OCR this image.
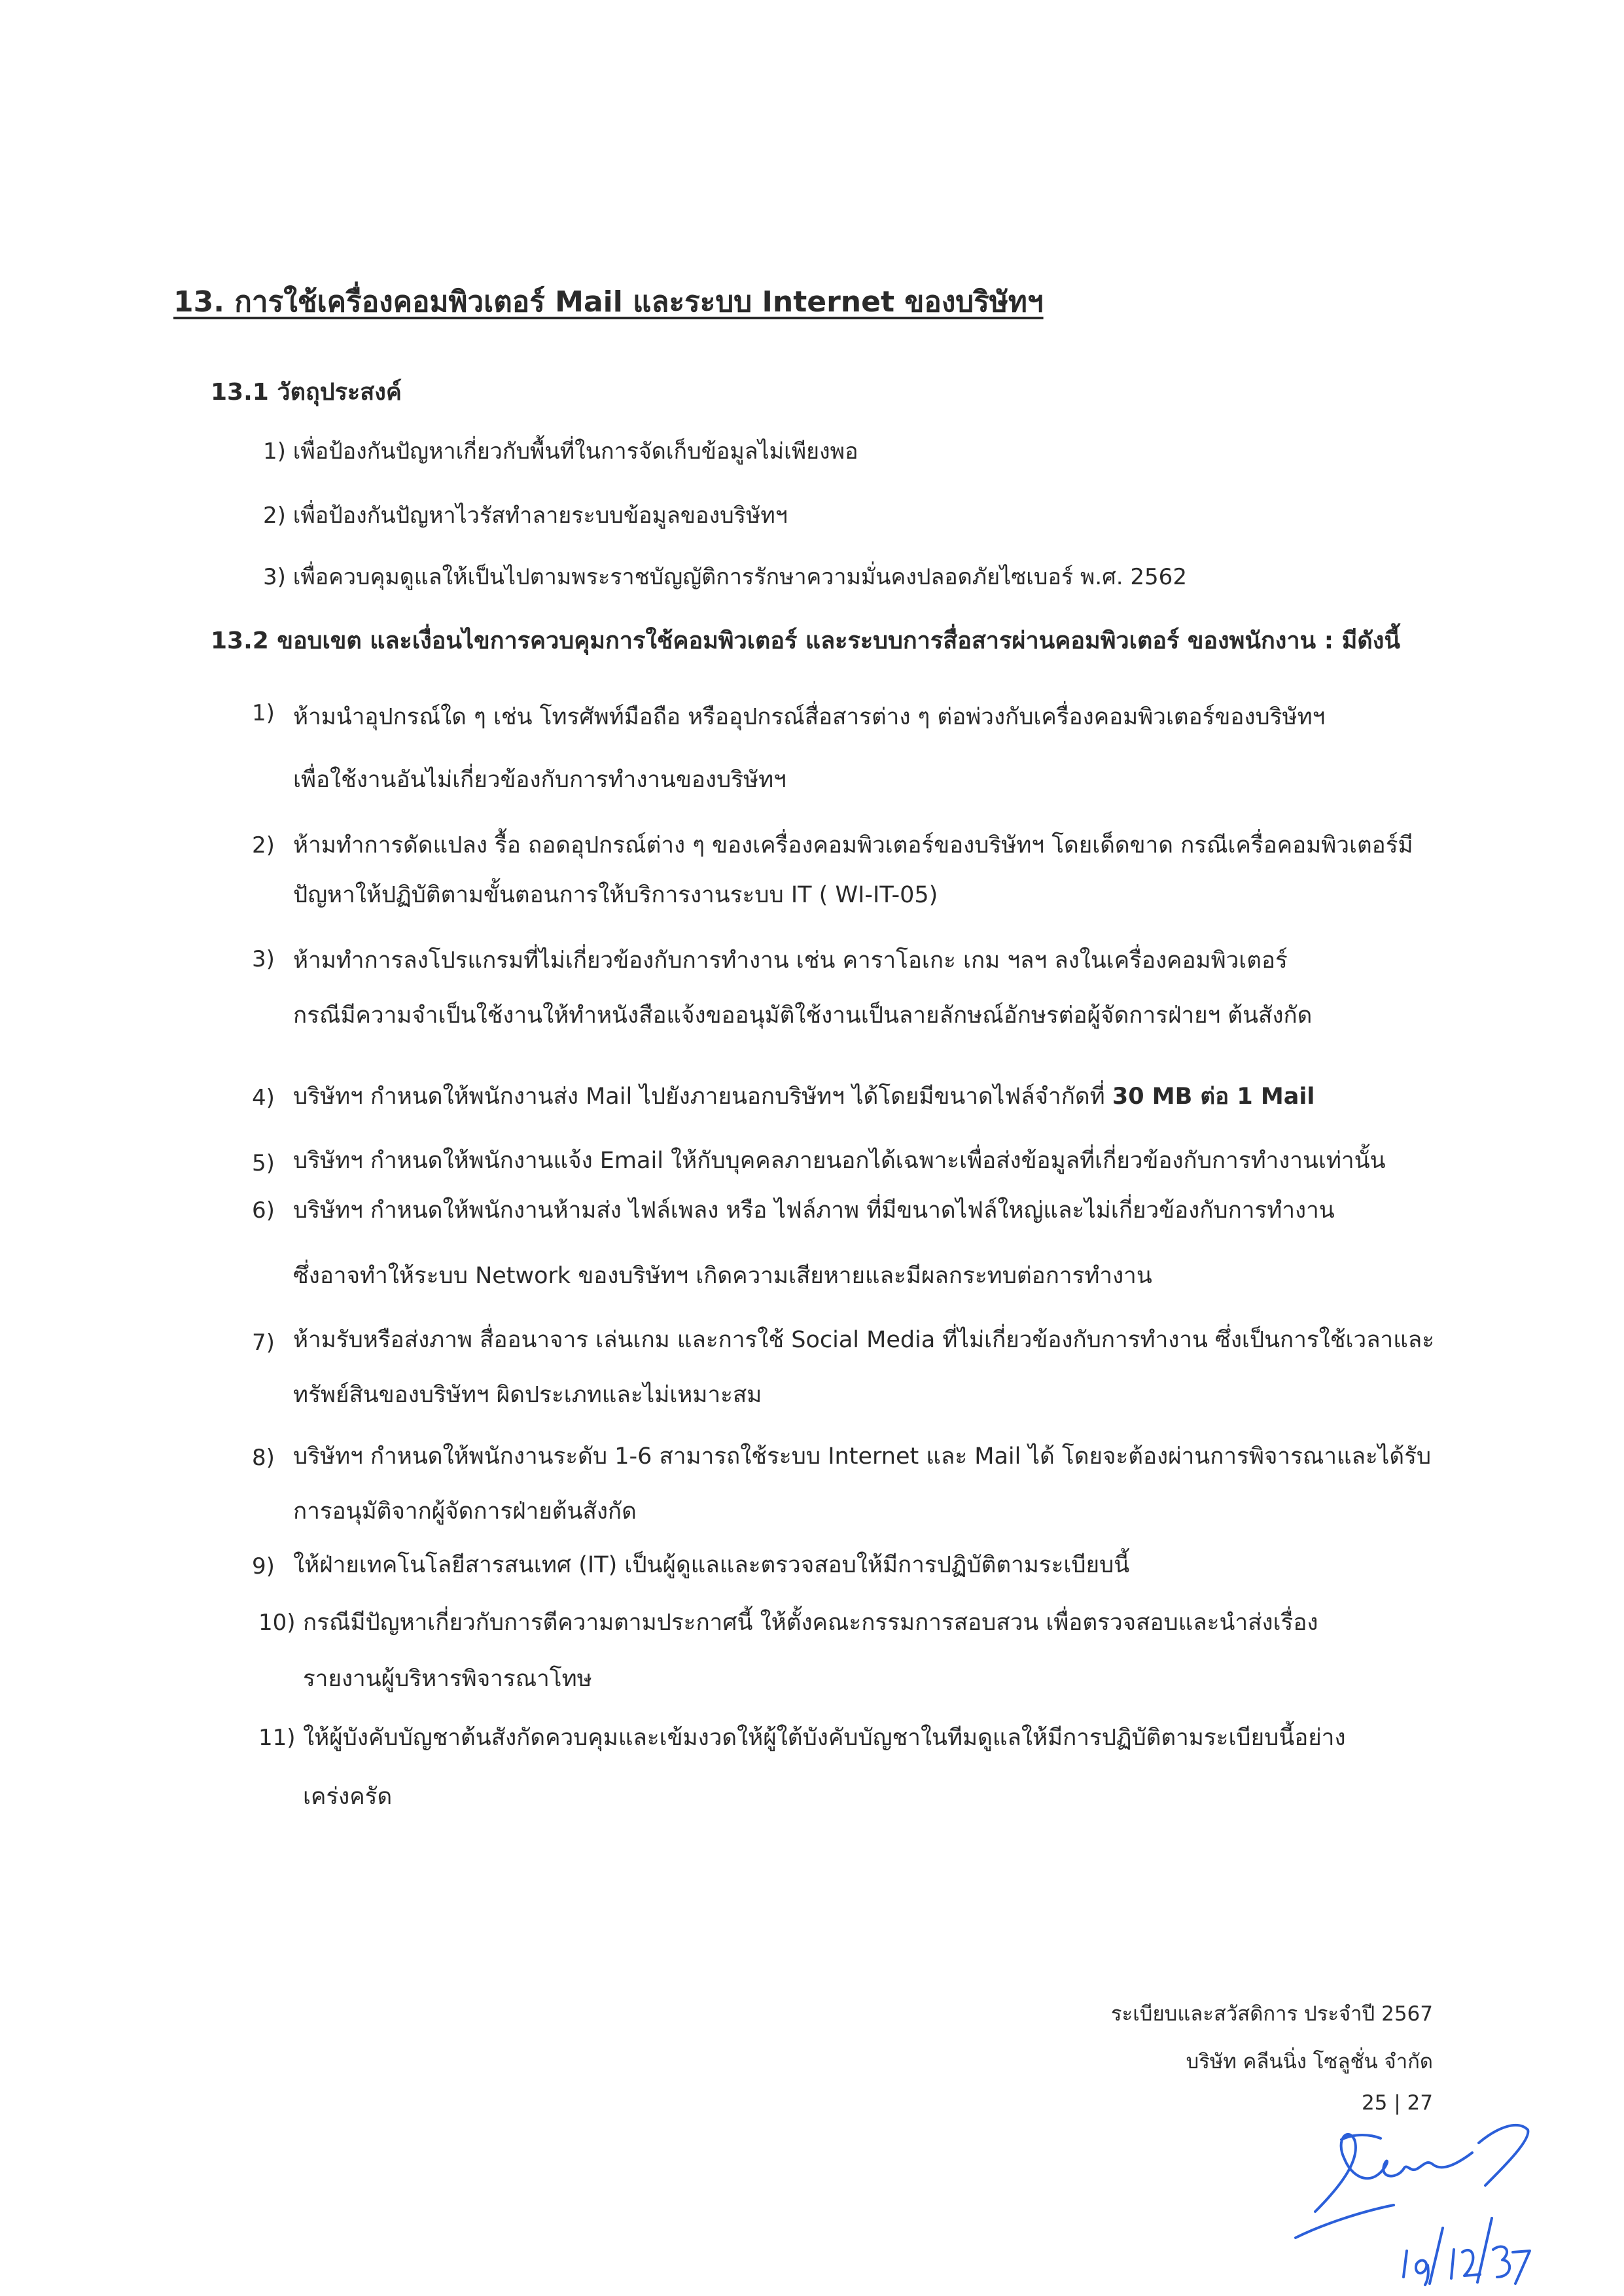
13. การใช้เครื่องคอมพิวเตอร์ Mail และระบบ Internet ของบริษัทฯ

13.1 วัตถุประสงค์

1) เพื่อป้องกันปัญหาเกี่ยวกับพื้นที่ในการจัดเก็บข้อมูลไม่เพียงพอ

2) เพื่อป้องกันปัญหาไวรัสทำลายระบบข้อมูลของบริษัทฯ

3) เพื่อควบคุมดูแลให้เป็นไปตามพระราชบัญญัติการรักษาความมั่นคงปลอดภัยไซเบอร์ พ.ศ. 2562

13.2 ขอบเขต และเงื่อนไขการควบคุมการใช้คอมพิวเตอร์ และระบบการสื่อสารผ่านคอมพิวเตอร์ ของพนักงาน : มีดังนี้

1) ห้ามนำอุปกรณ์ใด ๆ เช่น โทรศัพท์มือถือ หรืออุปกรณ์สื่อสารต่าง ๆ ต่อพ่วงกับเครื่องคอมพิวเตอร์ของบริษัทฯ
เพื่อใช้งานอันไม่เกี่ยวข้องกับการทำงานของบริษัทฯ
2) ห้ามทำการดัดแปลง รื้อ ถอดอุปกรณ์ต่าง ๆ ของเครื่องคอมพิวเตอร์ของบริษัทฯ โดยเด็ดขาด กรณีเครื่อคอมพิวเตอร์มี
ปัญหาให้ปฏิบัติตามขั้นตอนการให้บริการงานระบบ IT ( WI-IT-05)
3) ห้ามทำการลงโปรแกรมที่ไม่เกี่ยวข้องกับการทำงาน เช่น คาราโอเกะ เกม ฯลฯ ลงในเครื่องคอมพิวเตอร์
กรณีมีความจำเป็นใช้งานให้ทำหนังสือแจ้งขออนุมัติใช้งานเป็นลายลักษณ์อักษรต่อผู้จัดการฝ่ายฯ ต้นสังกัด
4) บริษัทฯ กำหนดให้พนักงานส่ง Mail ไปยังภายนอกบริษัทฯ ได้โดยมีขนาดไฟล์จำกัดที่ 30 MB ต่อ 1 Mail
5) บริษัทฯ กำหนดให้พนักงานแจ้ง Email ให้กับบุคคลภายนอกได้เฉพาะเพื่อส่งข้อมูลที่เกี่ยวข้องกับการทำงานเท่านั้น
6) บริษัทฯ กำหนดให้พนักงานห้ามส่ง ไฟล์เพลง หรือ ไฟล์ภาพ ที่มีขนาดไฟล์ใหญ่และไม่เกี่ยวข้องกับการทำงาน
ซึ่งอาจทำให้ระบบ Network ของบริษัทฯ เกิดความเสียหายและมีผลกระทบต่อการทำงาน
7) ห้ามรับหรือส่งภาพ สื่ออนาจาร เล่นเกม และการใช้ Social Media ที่ไม่เกี่ยวข้องกับการทำงาน ซึ่งเป็นการใช้เวลาและ
ทรัพย์สินของบริษัทฯ ผิดประเภทและไม่เหมาะสม
8) บริษัทฯ กำหนดให้พนักงานระดับ 1-6 สามารถใช้ระบบ Internet และ Mail ได้ โดยจะต้องผ่านการพิจารณาและได้รับ
การอนุมัติจากผู้จัดการฝ่ายต้นสังกัด
9) ให้ฝ่ายเทคโนโลยีสารสนเทศ (IT) เป็นผู้ดูแลและตรวจสอบให้มีการปฏิบัติตามระเบียบนี้
10) กรณีมีปัญหาเกี่ยวกับการตีความตามประกาศนี้ ให้ตั้งคณะกรรมการสอบสวน เพื่อตรวจสอบและนำส่งเรื่อง
รายงานผู้บริหารพิจารณาโทษ
11) ให้ผู้บังคับบัญชาต้นสังกัดควบคุมและเข้มงวดให้ผู้ใต้บังคับบัญชาในทีมดูแลให้มีการปฏิบัติตามระเบียบนี้อย่าง
เคร่งครัด
ระเบียบและสวัสดิการ ประจำปี 2567
บริษัท คลีนนิ่ง โซลูชั่น จำกัด
25 | 27
